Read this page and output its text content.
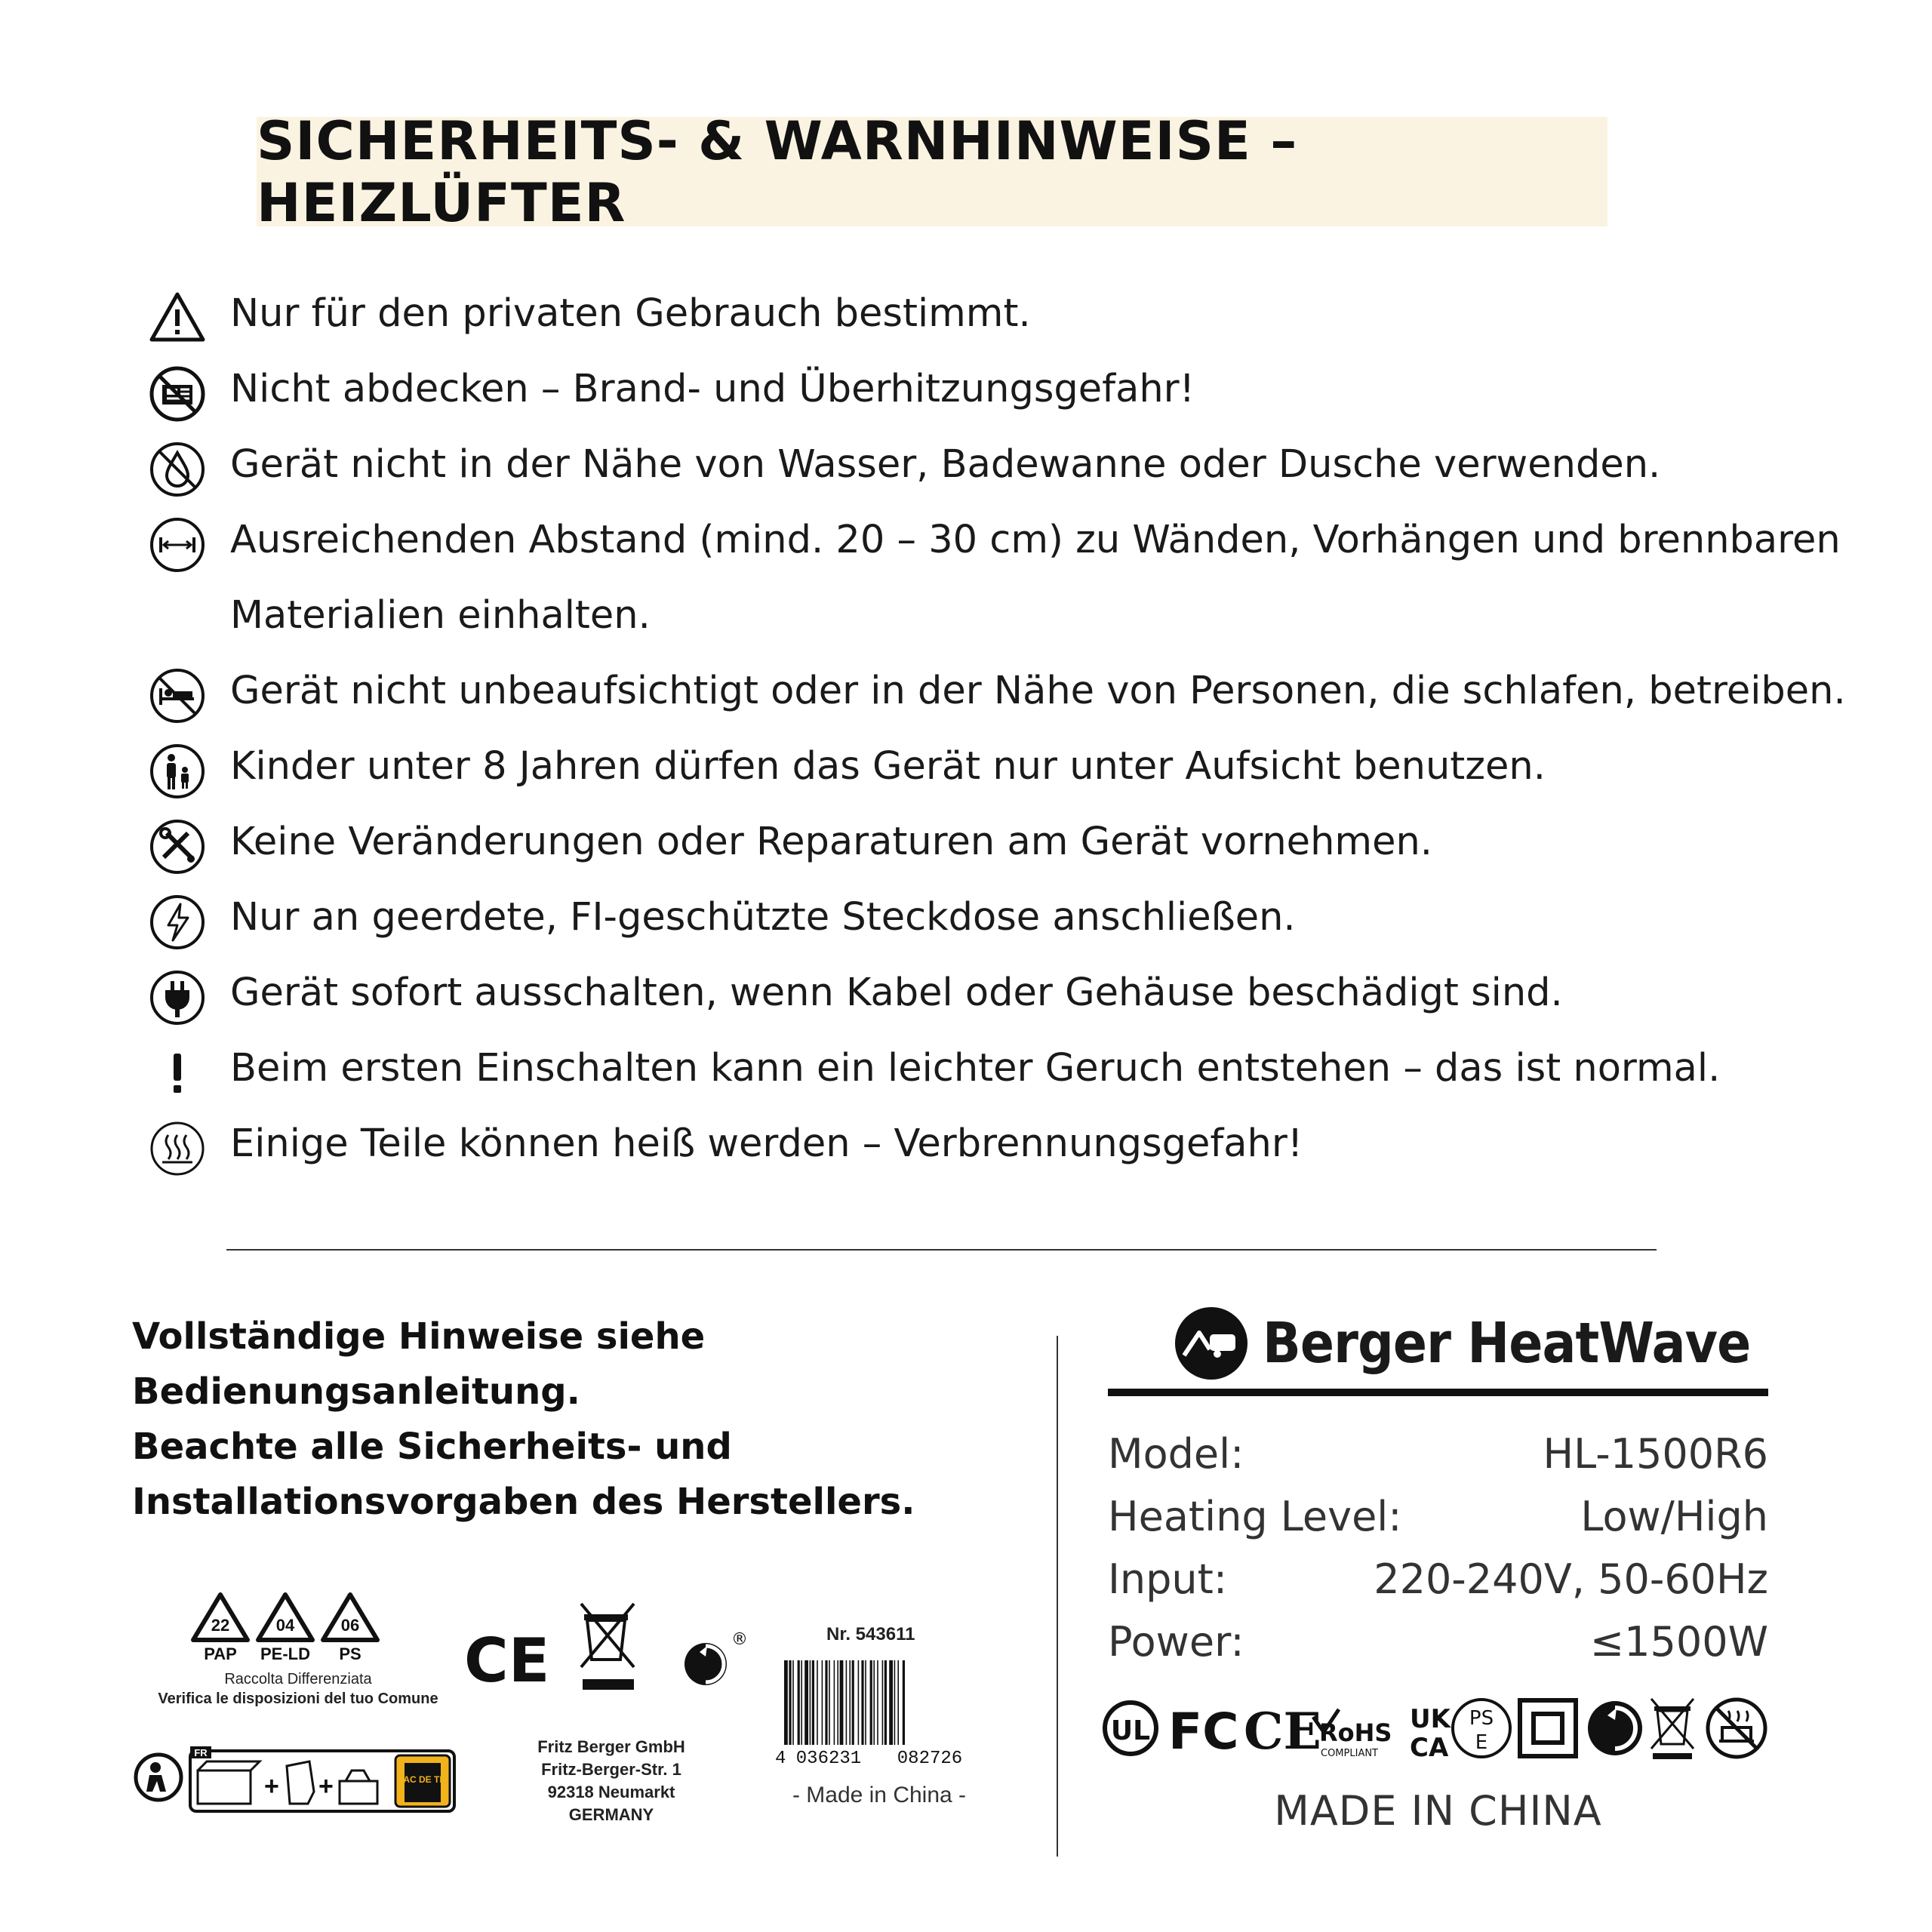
SICHERHEITS- & WARNHINWEISE – HEIZLÜFTER
Nur für den privaten Gebrauch bestimmt.
Nicht abdecken – Brand- und Überhitzungsgefahr!
Gerät nicht in der Nähe von Wasser, Badewanne oder Dusche verwenden.
Ausreichenden Abstand (mind. 20 – 30 cm) zu Wänden, Vorhängen und brennbaren
Materialien einhalten.
Gerät nicht unbeaufsichtigt oder in der Nähe von Personen, die schlafen, betreiben.
Kinder unter 8 Jahren dürfen das Gerät nur unter Aufsicht benutzen.
Keine Veränderungen oder Reparaturen am Gerät vornehmen.
Nur an geerdete, FI-geschützte Steckdose anschließen.
Gerät sofort ausschalten, wenn Kabel oder Gehäuse beschädigt sind.
Beim ersten Einschalten kann ein leichter Geruch entstehen – das ist normal.
Einige Teile können heiß werden – Verbrennungsgefahr!
Vollständige Hinweise siehe
Bedienungsanleitung.
Beachte alle Sicherheits- und
Installationsvorgaben des Herstellers.
22	04	06
PAP PE-LD PS
Raccolta Differenziata
Verifica le disposizioni del tuo Comune
FR
+ +	BAC DE TRI
CE	®
Fritz Berger GmbH
Fritz-Berger-Str. 1
92318 Neumarkt
GERMANY
Nr. 543611
4 036231 082726
- Made in China -
Berger HeatWave
Model:	HL-1500R6
Heating Level:	Low/High
Input:	220-240V, 50-60Hz
Power:	≤1500W
UL FC CE
RoHS
COMPLIANT
UK
CA
PS
E
MADE IN CHINA
